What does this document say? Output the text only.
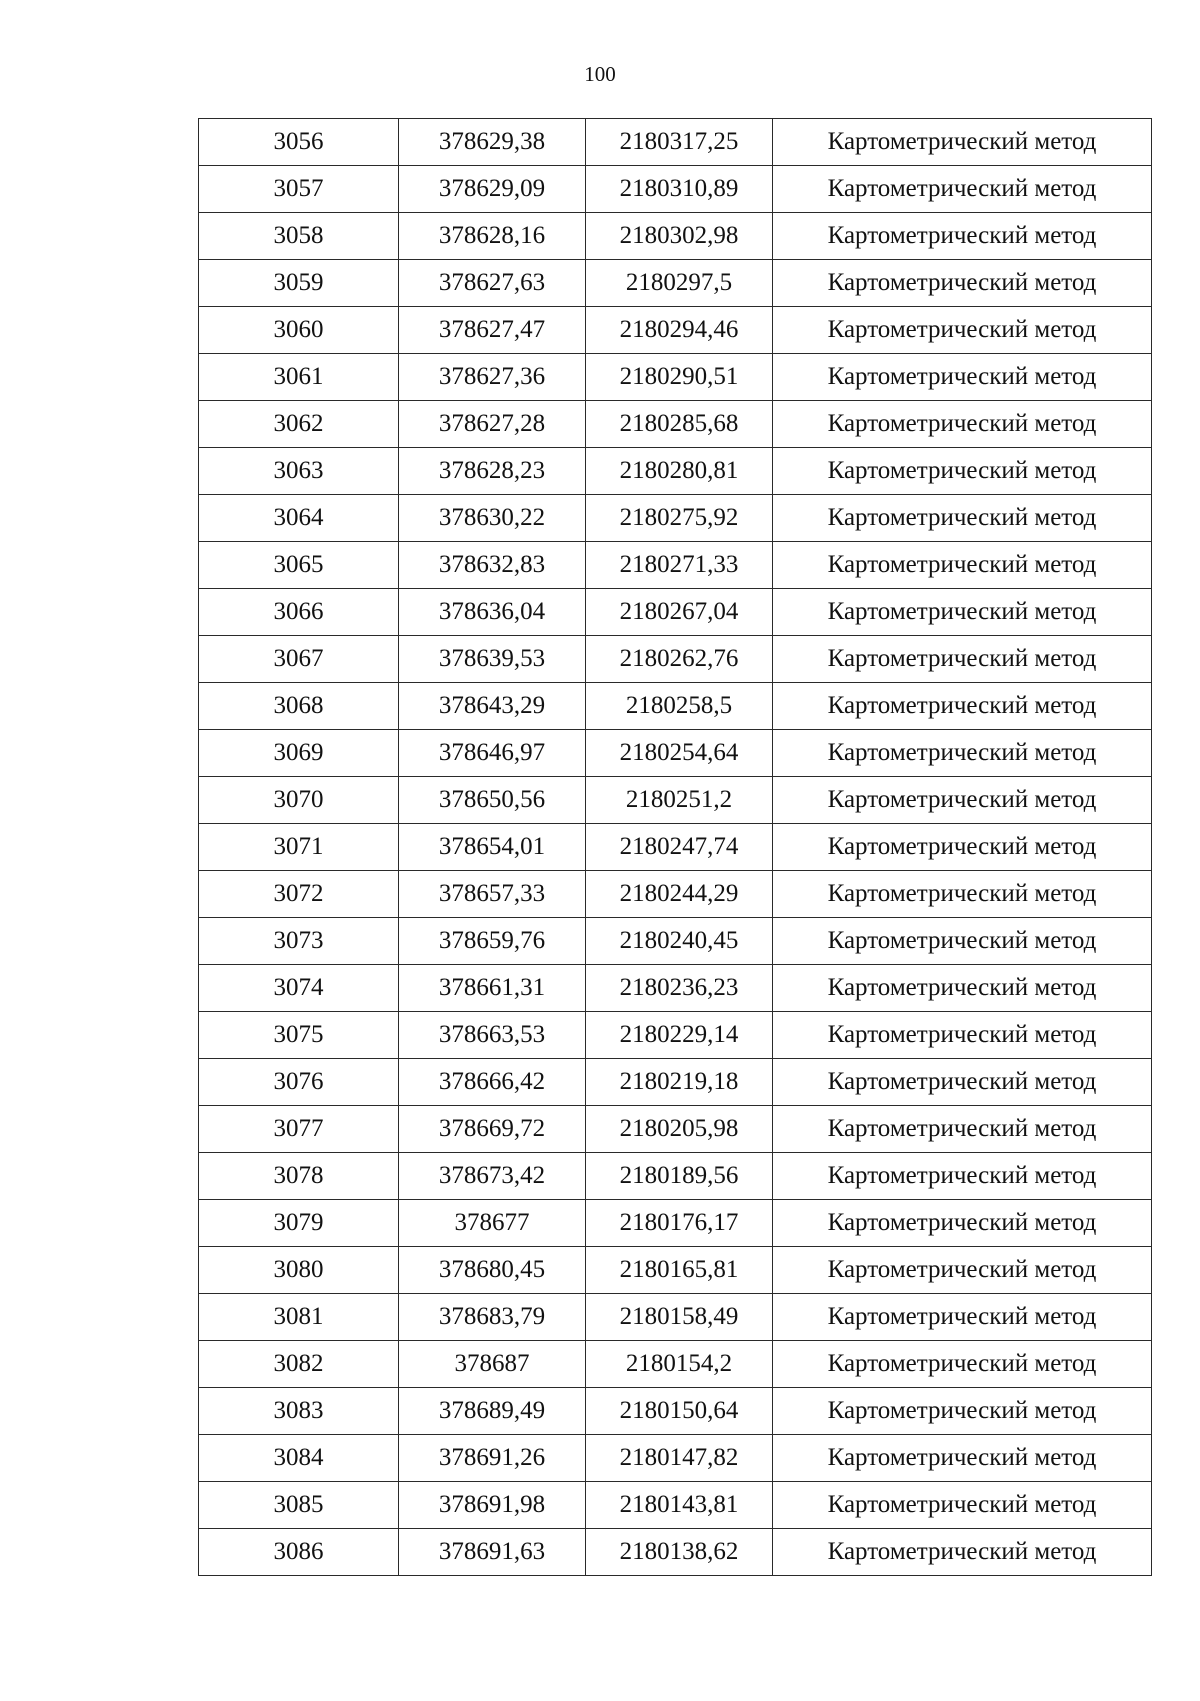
100
3056	378629,38	2180317,25	Картометрический метод
3057	378629,09	2180310,89	Картометрический метод
3058	378628,16	2180302,98	Картометрический метод
3059	378627,63	2180297,5	Картометрический метод
3060	378627,47	2180294,46	Картометрический метод
3061	378627,36	2180290,51	Картометрический метод
3062	378627,28	2180285,68	Картометрический метод
3063	378628,23	2180280,81	Картометрический метод
3064	378630,22	2180275,92	Картометрический метод
3065	378632,83	2180271,33	Картометрический метод
3066	378636,04	2180267,04	Картометрический метод
3067	378639,53	2180262,76	Картометрический метод
3068	378643,29	2180258,5	Картометрический метод
3069	378646,97	2180254,64	Картометрический метод
3070	378650,56	2180251,2	Картометрический метод
3071	378654,01	2180247,74	Картометрический метод
3072	378657,33	2180244,29	Картометрический метод
3073	378659,76	2180240,45	Картометрический метод
3074	378661,31	2180236,23	Картометрический метод
3075	378663,53	2180229,14	Картометрический метод
3076	378666,42	2180219,18	Картометрический метод
3077	378669,72	2180205,98	Картометрический метод
3078	378673,42	2180189,56	Картометрический метод
3079	378677	2180176,17	Картометрический метод
3080	378680,45	2180165,81	Картометрический метод
3081	378683,79	2180158,49	Картометрический метод
3082	378687	2180154,2	Картометрический метод
3083	378689,49	2180150,64	Картометрический метод
3084	378691,26	2180147,82	Картометрический метод
3085	378691,98	2180143,81	Картометрический метод
3086	378691,63	2180138,62	Картометрический метод
